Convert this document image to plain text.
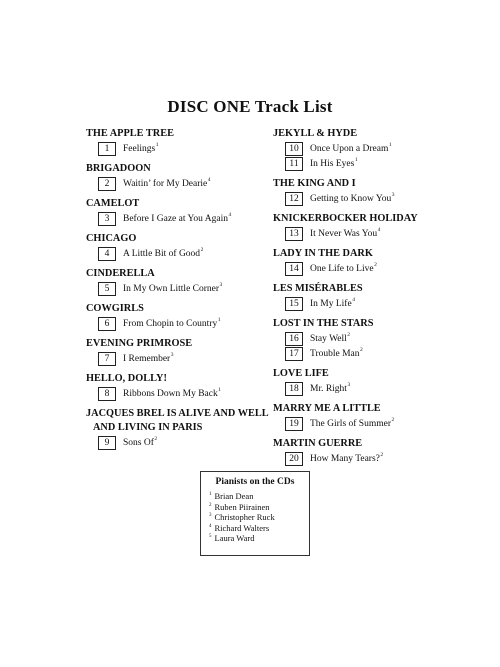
DISC ONE Track List
THE APPLE TREE
1	Feelings$^1$
BRIGADOON
2	Waitin’ for My Dearie$^4$
CAMELOT
3	Before I Gaze at You Again$^4$
CHICAGO
4	A Little Bit of Good$^2$
CINDERELLA
5	In My Own Little Corner$^3$
COWGIRLS
6	From Chopin to Country$^1$
EVENING PRIMROSE
7	I Remember$^3$
HELLO, DOLLY!
8	Ribbons Down My Back$^1$
JACQUES BREL IS ALIVE AND WELL
AND LIVING IN PARIS
9	Sons Of$^2$
JEKYLL & HYDE
10	Once Upon a Dream$^1$
11	In His Eyes$^1$
THE KING AND I
12	Getting to Know You$^3$
KNICKERBOCKER HOLIDAY
13	It Never Was You$^4$
LADY IN THE DARK
14	One Life to Live$^2$
LES MISÉRABLES
15	In My Life$^4$
LOST IN THE STARS
16	Stay Well$^2$
17	Trouble Man$^2$
LOVE LIFE
18	Mr. Right$^3$
MARRY ME A LITTLE
19	The Girls of Summer$^2$
MARTIN GUERRE
20	How Many Tears?$^2$
Pianists on the CDs
$^1$ Brian Dean
$^2$ Ruben Piirainen
$^3$ Christopher Ruck
$^4$ Richard Walters
$^5$ Laura Ward
